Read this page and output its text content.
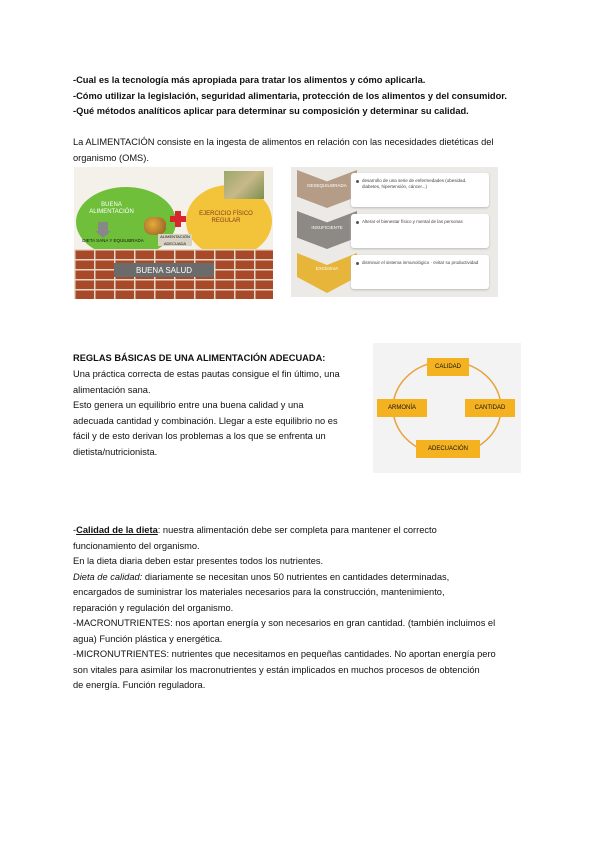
-Cual es la tecnología más apropiada para tratar los alimentos y cómo aplicarla.

-Cómo utilizar la legislación, seguridad alimentaria, protección de los alimentos y del consumidor.

-Qué métodos analíticos aplicar para determinar su composición y determinar su calidad.

La ALIMENTACIÓN consiste en la ingesta de alimentos en relación con las necesidades dietéticas del

organismo (OMS).

BUENA ALIMENTACIÓN
DIETA SANA Y EQUILIBRADA
EJERCICIO FÍSICO REGULAR
ALIMENTACIÓN ADECUADA
BUENA SALUD
DESEQUILIBRADA
desarrollo de una serie de enfermedades (obesidad, diabetes, hipertensión, cáncer...)
INSUFICIENTE
Alterar el bienestar físico y mental de las personas
EXCESIVA
disminuir el sistema inmunológico · evitar su productividad

REGLAS BÁSICAS DE UNA ALIMENTACIÓN ADECUADA:

Una práctica correcta de estas pautas consigue el fin último, una

alimentación sana.

Esto genera un equilibrio entre una buena calidad y una

adecuada cantidad y combinación. Llegar a este equilibrio no es

fácil y de esto derivan los problemas a los que se enfrenta un

dietista/nutricionista.

CALIDAD
CANTIDAD
ADECUACIÓN
ARMONÍA

-Calidad de la dieta: nuestra alimentación debe ser completa para mantener el correcto

funcionamiento del organismo.

En la dieta diaria deben estar presentes todos los nutrientes.

Dieta de calidad: diariamente se necesitan unos 50 nutrientes en cantidades determinadas,

encargados de suministrar los materiales necesarios para la construcción, mantenimiento,

reparación y regulación del organismo.

-MACRONUTRIENTES: nos aportan energía y son necesarios en gran cantidad. (también incluimos el

agua) Función plástica y energética.

-MICRONUTRIENTES: nutrientes que necesitamos en pequeñas cantidades. No aportan energía pero

son vitales para asimilar los macronutrientes y están implicados en muchos procesos de obtención

de energía. Función reguladora.
